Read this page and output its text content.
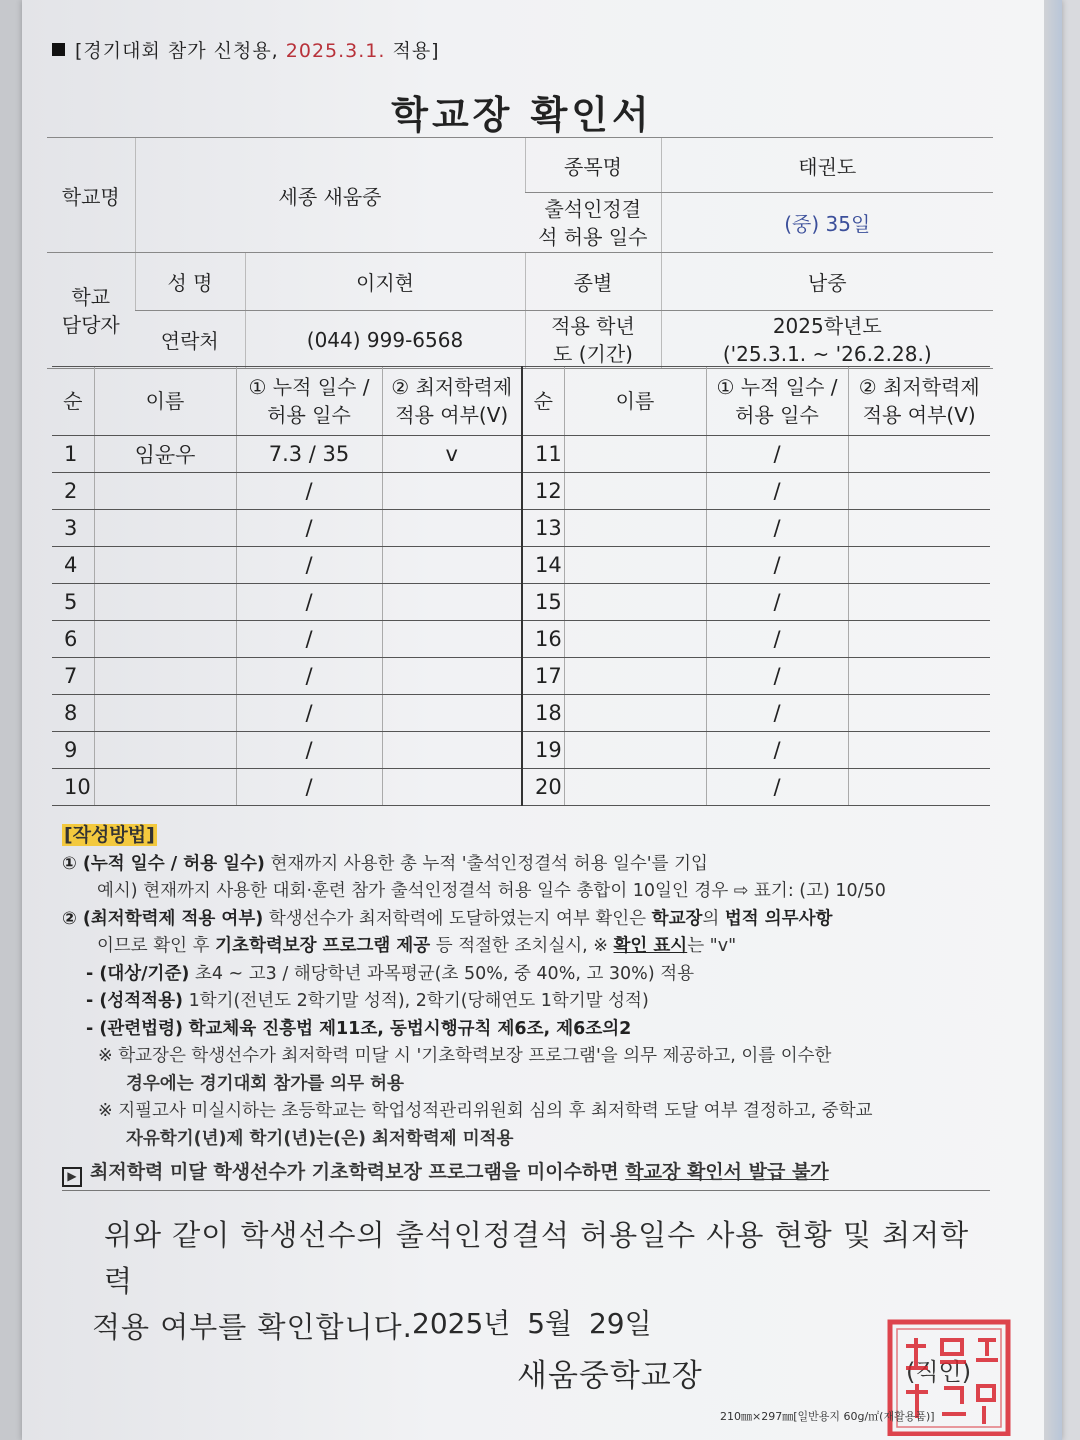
[경기대회 참가 신청용, 2025.3.1. 적용]
학교장 확인서
학교명	세종 새움중		종목명	태권도
			출석인정결석 허용 일수	(중) 35일
학교 담당자	성 명	이지현	종별	남중
	연락처	(044) 999-6568	적용 학년도 (기간)	2025학년도
('25.3.1. ~ '26.2.28.)
순	이름	① 누적 일수 / 허용 일수	② 최저학력제 적용 여부(V)	순	이름	① 누적 일수 / 허용 일수	② 최저학력제 적용 여부(V)
1	임윤우	7.3 / 35	v	11		/	
2		/		12		/	
3		/		13		/	
4		/		14		/	
5		/		15		/	
6		/		16		/	
7		/		17		/	
8		/		18		/	
9		/		19		/	
10		/		20		/	
[작성방법]
① (누적 일수 / 허용 일수) 현재까지 사용한 총 누적 '출석인정결석 허용 일수'를 기입
예시) 현재까지 사용한 대회·훈련 참가 출석인정결석 허용 일수 총합이 10일인 경우 ⇨ 표기: (고) 10/50
② (최저학력제 적용 여부) 학생선수가 최저학력에 도달하였는지 여부 확인은 학교장의 법적 의무사항
이므로 확인 후 기초학력보장 프로그램 제공 등 적절한 조치실시, ※ 확인 표시는 "v"
- (대상/기준) 초4 ~ 고3 / 해당학년 과목평균(초 50%, 중 40%, 고 30%) 적용
- (성적적용) 1학기(전년도 2학기말 성적), 2학기(당해연도 1학기말 성적)
- (관련법령) 학교체육 진흥법 제11조, 동법시행규칙 제6조, 제6조의2
※ 학교장은 학생선수가 최저학력 미달 시 '기초학력보장 프로그램'을 의무 제공하고, 이를 이수한
경우에는 경기대회 참가를 의무 허용
※ 지필고사 미실시하는 초등학교는 학업성적관리위원회 심의 후 최저학력 도달 여부 결정하고, 중학교
자유학기(년)제 학기(년)는(은) 최저학력제 미적용
▶ 최저학력 미달 학생선수가 기초학력보장 프로그램을 미이수하면 학교장 확인서 발급 불가
위와 같이 학생선수의 출석인정결석 허용일수 사용 현황 및 최저학력
적용 여부를 확인합니다. 2025년 5월 29일
새움중학교장	(직인)
210㎜×297㎜[일반용지 60g/㎡(재활용품)]
